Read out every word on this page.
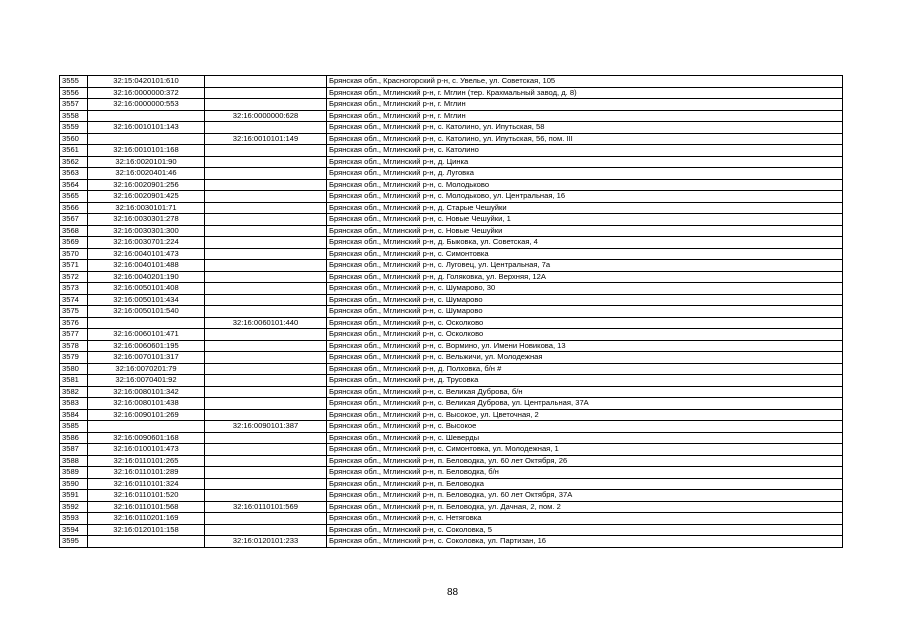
3555	32:15:0420101:610		Брянская обл., Красногорский р-н, с. Увелье, ул. Советская, 105
3556	32:16:0000000:372		Брянская обл., Мглинский р-н, г. Мглин (тер. Крахмальный завод, д. 8)
3557	32:16:0000000:553		Брянская обл., Мглинский р-н, г. Мглин
3558		32:16:0000000:628	Брянская обл., Мглинский р-н, г. Мглин
3559	32:16:0010101:143		Брянская обл., Мглинский р-н, с. Католино, ул. Ипутьская, 58
3560		32:16:0010101:149	Брянская обл., Мглинский р-н, с. Католино, ул. Ипутьская, 56, пом. III
3561	32:16:0010101:168		Брянская обл., Мглинский р-н, с. Католино
3562	32:16:0020101:90		Брянская обл., Мглинский р-н, д. Цинка
3563	32:16:0020401:46		Брянская обл., Мглинский р-н, д. Луговка
3564	32:16:0020901:256		Брянская обл., Мглинский р-н, с. Молодьково
3565	32:16:0020901:425		Брянская обл., Мглинский р-н, с. Молодьково, ул. Центральная, 16
3566	32:16:0030101:71		Брянская обл., Мглинский р-н, д. Старые Чешуйки
3567	32:16:0030301:278		Брянская обл., Мглинский р-н, с. Новые Чешуйки, 1
3568	32:16:0030301:300		Брянская обл., Мглинский р-н, с. Новые Чешуйки
3569	32:16:0030701:224		Брянская обл., Мглинский р-н, д. Быковка, ул. Советская, 4
3570	32:16:0040101:473		Брянская обл., Мглинский р-н, с. Симонтовка
3571	32:16:0040101:488		Брянская обл., Мглинский р-н, с. Луговец, ул. Центральная, 7а
3572	32:16:0040201:190		Брянская обл., Мглинский р-н, д. Голяковка, ул. Верхняя, 12А
3573	32:16:0050101:408		Брянская обл., Мглинский р-н, с. Шумарово, 30
3574	32:16:0050101:434		Брянская обл., Мглинский р-н, с. Шумарово
3575	32:16:0050101:540		Брянская обл., Мглинский р-н, с. Шумарово
3576		32:16:0060101:440	Брянская обл., Мглинский р-н, с. Осколково
3577	32:16:0060101:471		Брянская обл., Мглинский р-н, с. Осколково
3578	32:16:0060601:195		Брянская обл., Мглинский р-н, с. Вормино, ул. Имени Новикова, 13
3579	32:16:0070101:317		Брянская обл., Мглинский р-н, с. Вельжичи, ул. Молодежная
3580	32:16:0070201:79		Брянская обл., Мглинский р-н, д. Полховка, б/н #
3581	32:16:0070401:92		Брянская обл., Мглинский р-н, д. Трусовка
3582	32:16:0080101:342		Брянская обл., Мглинский р-н, с. Великая Дуброва, б/н
3583	32:16:0080101:438		Брянская обл., Мглинский р-н, с. Великая Дуброва, ул. Центральная, 37А
3584	32:16:0090101:269		Брянская обл., Мглинский р-н, с. Высокое, ул. Цветочная, 2
3585		32:16:0090101:387	Брянская обл., Мглинский р-н, с. Высокое
3586	32:16:0090601:168		Брянская обл., Мглинский р-н, с. Шеверды
3587	32:16:0100101:473		Брянская обл., Мглинский р-н, с. Симонтовка, ул. Молодежная, 1
3588	32:16:0110101:265		Брянская обл., Мглинский р-н, п. Беловодка, ул. 60 лет Октября, 26
3589	32:16:0110101:289		Брянская обл., Мглинский р-н, п. Беловодка, б/н
3590	32:16:0110101:324		Брянская обл., Мглинский р-н, п. Беловодка
3591	32:16:0110101:520		Брянская обл., Мглинский р-н, п. Беловодка, ул. 60 лет Октября, 37А
3592	32:16:0110101:568	32:16:0110101:569	Брянская обл., Мглинский р-н, п. Беловодка, ул. Дачная, 2, пом. 2
3593	32:16:0110201:169		Брянская обл., Мглинский р-н, с. Нетяговка
3594	32:16:0120101:158		Брянская обл., Мглинский р-н, с. Соколовка, 5
3595		32:16:0120101:233	Брянская обл., Мглинский р-н, с. Соколовка, ул. Партизан, 16
88
